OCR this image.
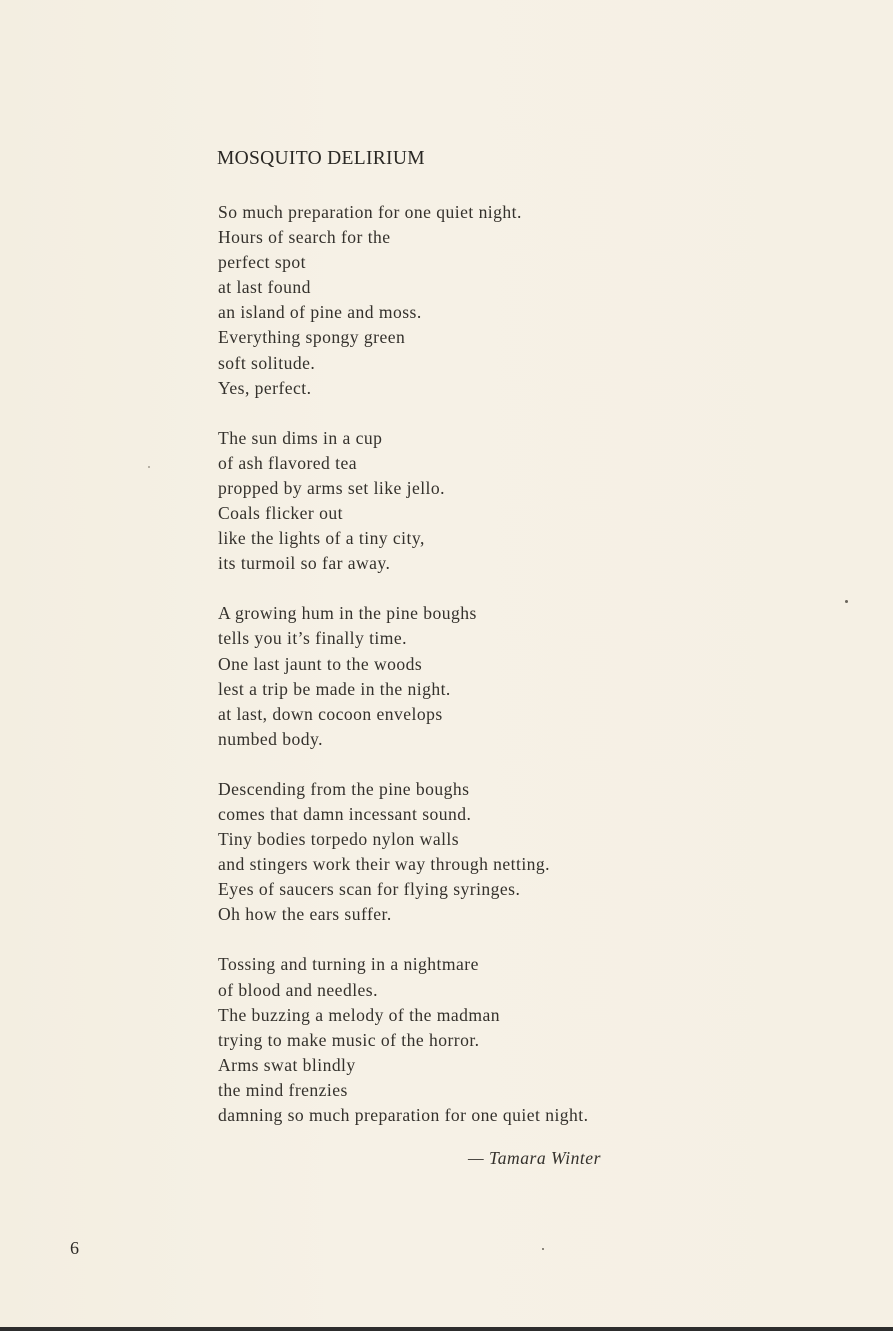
MOSQUITO DELIRIUM
So much preparation for one quiet night.
Hours of search for the
perfect spot
at last found
an island of pine and moss.
Everything spongy green
soft solitude.
Yes, perfect.
The sun dims in a cup
of ash flavored tea
propped by arms set like jello.
Coals flicker out
like the lights of a tiny city,
its turmoil so far away.
A growing hum in the pine boughs
tells you it’s finally time.
One last jaunt to the woods
lest a trip be made in the night.
at last, down cocoon envelops
numbed body.
Descending from the pine boughs
comes that damn incessant sound.
Tiny bodies torpedo nylon walls
and stingers work their way through netting.
Eyes of saucers scan for flying syringes.
Oh how the ears suffer.
Tossing and turning in a nightmare
of blood and needles.
The buzzing a melody of the madman
trying to make music of the horror.
Arms swat blindly
the mind frenzies
damning so much preparation for one quiet night.
— Tamara Winter
6
